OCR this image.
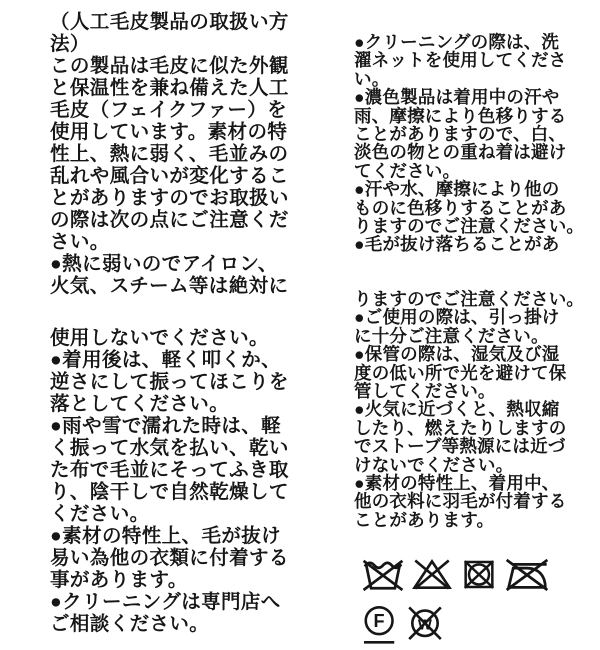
（人工毛皮製品の取扱い方
法）
この製品は毛皮に似た外観
と保温性を兼ね備えた人工
毛皮（フェイクファー）を
使用しています。素材の特
性上、熱に弱く、毛並みの
乱れや風合いが変化するこ
とがありますのでお取扱い
の際は次の点にご注意くだ
さい。
●熱に弱いのでアイロン、
火気、スチーム等は絶対に
使用しないでください。
●着用後は、軽く叩くか、
逆さにして振ってほこりを
落としてください。
●雨や雪で濡れた時は、軽
く振って水気を払い、乾い
た布で毛並にそってふき取
り、陰干しで自然乾燥して
ください。
●素材の特性上、毛が抜け
易い為他の衣類に付着する
事があります。
●クリーニングは専門店へ
ご相談ください。
●クリーニングの際は、洗
濯ネットを使用してくださ
い。
●濃色製品は着用中の汗や
雨、摩擦により色移りする
ことがありますので、白、
淡色の物との重ね着は避け
てください。
●汗や水、摩擦により他の
ものに色移りすることがあ
りますのでご注意ください。
●毛が抜け落ちることがあ
りますのでご注意ください。
●ご使用の際は、引っ掛け
に十分ご注意ください。
●保管の際は、湿気及び湿
度の低い所で光を避けて保
管してください。
●火気に近づくと、熱収縮
したり、燃えたりしますの
でストーブ等熱源には近づ
けないでください。
●素材の特性上、着用中、
他の衣料に羽毛が付着する
ことがあります。
F W
